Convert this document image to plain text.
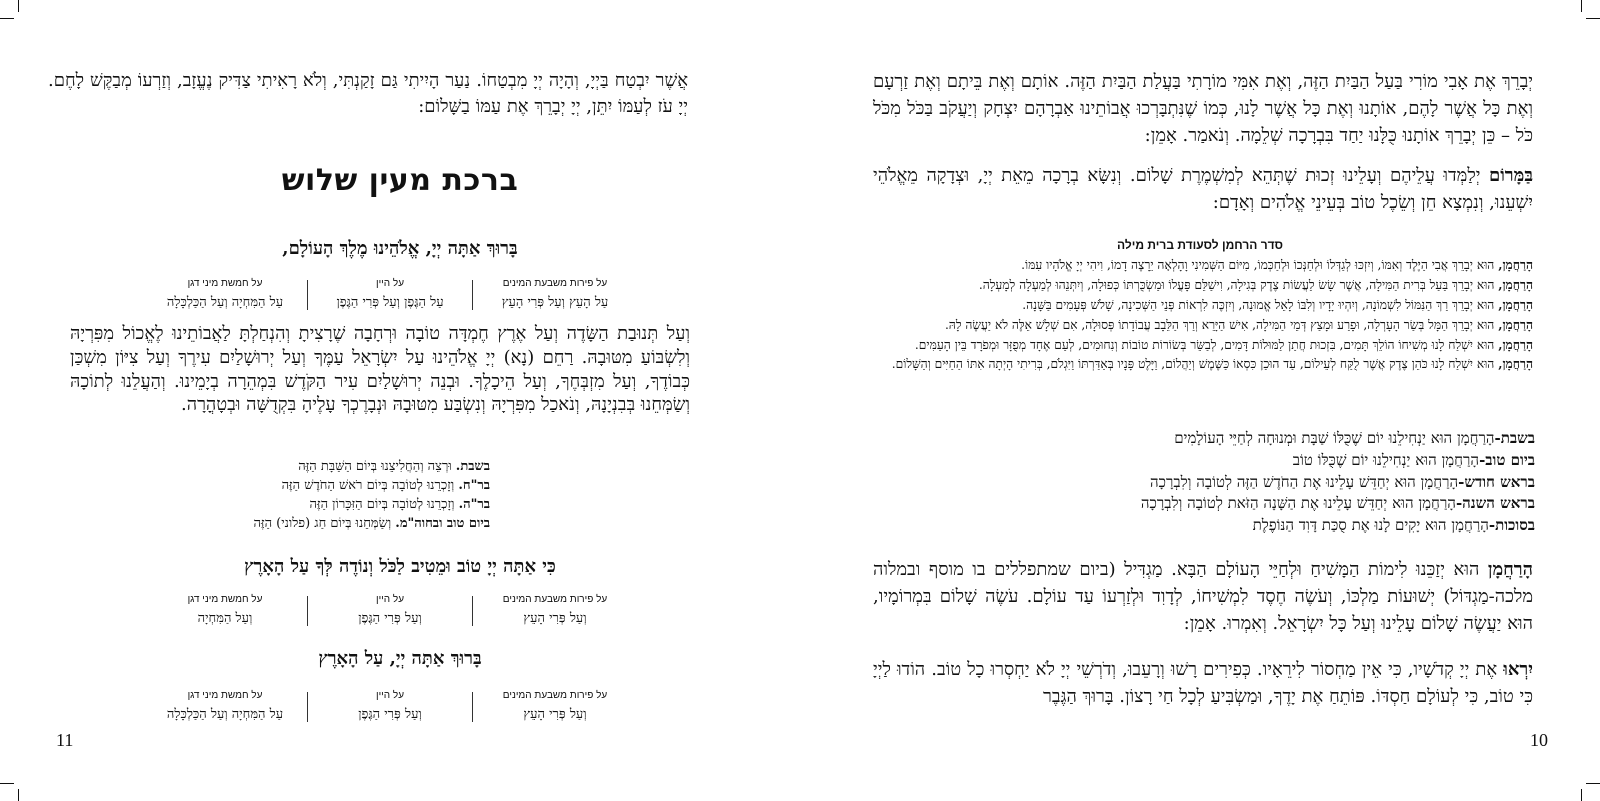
אֲשֶׁר יִבְטַח בַּיְיָ, וְהָיָה יְיָ מִבְטַחוֹ. נַעַר הָיִיתִי גַּם זָקַנְתִּי, וְלֹא רָאִיתִי צַדִּיק נֶעֱזָב, וְזַרְעוֹ מְבַקֶּשׁ לָחֶם. יְיָ עֹז לְעַמּוֹ יִתֵּן, יְיָ יְבָרֵךְ אֶת עַמּוֹ בַשָּׁלוֹם:
ברכת מעין שלוש
בָּרוּךְ אַתָּה יְיָ, אֱלֹהֵינוּ מֶלֶךְ הָעוֹלָם,
על חמשת מיני דגן
עַל הַמִּחְיָה וְעַל הַכַּלְכָּלָה
על היין
עַל הַגֶּפֶן וְעַל פְּרִי הַגֶּפֶן
על פירות משבעת המינים
עַל הָעֵץ וְעַל פְּרִי הָעֵץ
וְעַל תְּנוּבַת הַשָּׂדֶה וְעַל אֶרֶץ חֶמְדָּה טוֹבָה וּרְחָבָה שֶׁרָצִיתָ וְהִנְחַלְתָּ לַאֲבוֹתֵינוּ לֶאֱכוֹל מִפִּרְיָהּ וְלִשְׂבּוֹעַ מִטּוּבָהּ. רַחֵם (נָא) יְיָ אֱלֹהֵינוּ עַל יִשְׂרָאֵל עַמֶּךָ וְעַל יְרוּשָׁלַיִם עִירֶךָ וְעַל צִיּוֹן מִשְׁכַּן כְּבוֹדֶךָ, וְעַל מִזְבְּחֶךָ, וְעַל הֵיכָלֶךָ. וּבְנֵה יְרוּשָׁלַיִם עִיר הַקֹּדֶשׁ בִּמְהֵרָה בְיָמֵינוּ. וְהַעֲלֵנוּ לְתוֹכָהּ וְשַׂמְּחֵנוּ בְּבִנְיָנָהּ, וְנֹאכַל מִפִּרְיָהּ וְנִשְׂבַּע מִטּוּבָהּ וּנְבָרֶכְךָ עָלֶיהָ בִּקְדֻשָּׁה וּבְטָהֳרָה.
בשבת. וּרְצֵה וְהַחֲלִיצֵנוּ בְּיוֹם הַשַּׁבָּת הַזֶּה
בר"ח. וְזָכְרֵנוּ לְטוֹבָה בְּיוֹם רֹאשׁ הַחֹדֶשׁ הַזֶּה
בר"ה. וְזָכְרֵנוּ לְטוֹבָה בְּיוֹם הַזִּכָּרוֹן הַזֶּה
ביום טוב ובחוה"מ. וְשַׂמְּחֵנוּ בְּיוֹם חַג (פלוני) הַזֶּה
כִּי אַתָּה יְיָ טוֹב וּמֵטִיב לַכֹּל וְנוֹדֶה לְּךָ עַל הָאָרֶץ
על חמשת מיני דגן
וְעַל הַמִּחְיָה
על היין
וְעַל פְּרִי הַגֶּפֶן
על פירות משבעת המינים
וְעַל פְּרִי הָעֵץ
בָּרוּךְ אַתָּה יְיָ, עַל הָאָרֶץ
על חמשת מיני דגן
עַל הַמִּחְיָה וְעַל הַכַּלְכָּלָה
על היין
וְעַל פְּרִי הַגֶּפֶן
על פירות משבעת המינים
וְעַל פְּרִי הָעֵץ
11
יְבָרֵךְ אֶת אָבִי מוֹרִי בַּעַל הַבַּיִת הַזֶּה, וְאֶת אִמִּי מוֹרָתִי בַּעֲלַת הַבַּיִת הַזֶּה. אוֹתָם וְאֶת בֵּיתָם וְאֶת זַרְעָם וְאֶת כָּל אֲשֶׁר לָהֶם, אוֹתָנוּ וְאֶת כָּל אֲשֶׁר לָנוּ, כְּמוֹ שֶׁנִּתְבָּרְכוּ אֲבוֹתֵינוּ אַבְרָהָם יִצְחָק וְיַעֲקֹב בַּכֹּל מִכֹּל כֹּל – כֵּן יְבָרֵךְ אוֹתָנוּ כֻּלָּנוּ יַחַד בִּבְרָכָה שְׁלֵמָה. וְנֹאמַר. אָמֵן:
בַּמָּרוֹם יְלַמְּדוּ עֲלֵיהֶם וְעָלֵינוּ זְכוּת שֶׁתְּהֵא לְמִשְׁמֶרֶת שָׁלוֹם. וְנִשָּׂא בְרָכָה מֵאֵת יְיָ, וּצְדָקָה מֵאֱלֹהֵי יִשְׁעֵנוּ, וְנִמְצָא חֵן וְשֵׂכֶל טוֹב בְּעֵינֵי אֱלֹהִים וְאָדָם:
סדר הרחמן לסעודת ברית מילה
הָרַחֲמָן, הוּא יְבָרֵךְ אֲבִי הַיֶּלֶד וְאִמּוֹ, וְיִזְכּוּ לְגַדְּלוֹ וּלְחַנְּכוֹ וּלְחַכְּמוֹ, מִיּוֹם הַשְּׁמִינִי וָהָלְאָה יֵרָצֶה דָמוֹ, וִיהִי יְיָ אֱלֹהָיו עִמּוֹ.
הָרַחֲמָן, הוּא יְבָרֵךְ בַּעַל בְּרִית הַמִּילָה, אֲשֶׁר שָׂשׂ לַעֲשׂוֹת צֶדֶק בְּגִילָה, וִישַׁלֵּם פָּעֳלוֹ וּמַשְׂכֻּרְתּוֹ כְּפוּלָה, וְיִתְּנֵהוּ לְמַעְלָה לְמָעְלָה.
הָרַחֲמָן, הוּא יְבָרֵךְ רַךְ הַנִּמּוֹל לִשְׁמוֹנָה, וְיִהְיוּ יָדָיו וְלִבּוֹ לָאֵל אֱמוּנָה, וְיִזְכֶּה לִרְאוֹת פְּנֵי הַשְּׁכִינָה, שָׁלֹשׁ פְּעָמִים בַּשָּׁנָה.
הָרַחֲמָן, הוּא יְבָרֵךְ הַמָּל בְּשַׂר הָעָרְלָה, וּפָרַע וּמָצַץ דְּמֵי הַמִּילָה, אִישׁ הַיָּרֵא וְרַךְ הַלֵּבָב עֲבוֹדָתוֹ פְּסוּלָה, אִם שְׁלָשׁ אֵלֶּה לֹא יַעֲשֶׂה לָהּ.
הָרַחֲמָן, הוּא יִשְׁלַח לָנוּ מְשִׁיחוֹ הוֹלֵךְ תָּמִים, בִּזְכוּת חֲתַן לַמּוּלוֹת דָּמִים, לְבַשֵּׂר בְּשׂוֹרוֹת טוֹבוֹת וְנִחוּמִים, לְעַם אֶחָד מְפֻזָּר וּמְפֹרָד בֵּין הָעַמִּים.
הָרַחֲמָן, הוּא יִשְׁלַח לָנוּ כֹּהֵן צֶדֶק אֲשֶׁר לֻקַּח לְעֵילוֹם, עַד הוּכַן כִּסְאוֹ כַּשֶּׁמֶשׁ וְיַהֲלוֹם, וַיָּלֶט פָּנָיו בְּאַדַּרְתּוֹ וַיִּגְלֹם, בְּרִיתִי הָיְתָה אִתּוֹ הַחַיִּים וְהַשָּׁלוֹם.
בשבת-הָרַחֲמָן הוּא יַנְחִילֵנוּ יוֹם שֶׁכֻּלּוֹ שַׁבָּת וּמְנוּחָה לְחַיֵּי הָעוֹלָמִים
ביום טוב-הָרַחֲמָן הוּא יַנְחִילֵנוּ יוֹם שֶׁכֻּלּוֹ טוֹב
בראש חודש-הָרַחֲמָן הוּא יְחַדֵּשׁ עָלֵינוּ אֶת הַחֹדֶשׁ הַזֶּה לְטוֹבָה וְלִבְרָכָה
בראש השנה-הָרַחֲמָן הוּא יְחַדֵּשׁ עָלֵינוּ אֶת הַשָּׁנָה הַזֹּאת לְטוֹבָה וְלִבְרָכָה
בסוכות-הָרַחֲמָן הוּא יָקִים לָנוּ אֶת סֻכַּת דָּוִד הַנּוֹפֶלֶת
הָרַחֲמָן הוּא יְזַכֵּנוּ לִימוֹת הַמָּשִׁיחַ וּלְחַיֵּי הָעוֹלָם הַבָּא. מַגְדִּיל (ביום שמתפללים בו מוסף ובמלוה מלכה-מַגְדּוֹל) יְשׁוּעוֹת מַלְכּוֹ, וְעֹשֶׂה חֶסֶד לִמְשִׁיחוֹ, לְדָוִד וּלְזַרְעוֹ עַד עוֹלָם. עֹשֶׂה שָׁלוֹם בִּמְרוֹמָיו, הוּא יַעֲשֶׂה שָׁלוֹם עָלֵינוּ וְעַל כָּל יִשְׂרָאֵל. וְאִמְרוּ. אָמֵן:
יִרְאוּ אֶת יְיָ קְדֹשָׁיו, כִּי אֵין מַחְסוֹר לִירֵאָיו. כְּפִירִים רָשׁוּ וְרָעֵבוּ, וְדֹרְשֵׁי יְיָ לֹא יַחְסְרוּ כָל טוֹב. הוֹדוּ לַיְיָ כִּי טוֹב, כִּי לְעוֹלָם חַסְדּוֹ. פּוֹתֵחַ אֶת יָדֶךָ, וּמַשְׂבִּיעַ לְכָל חַי רָצוֹן. בָּרוּךְ הַגֶּבֶר
10
